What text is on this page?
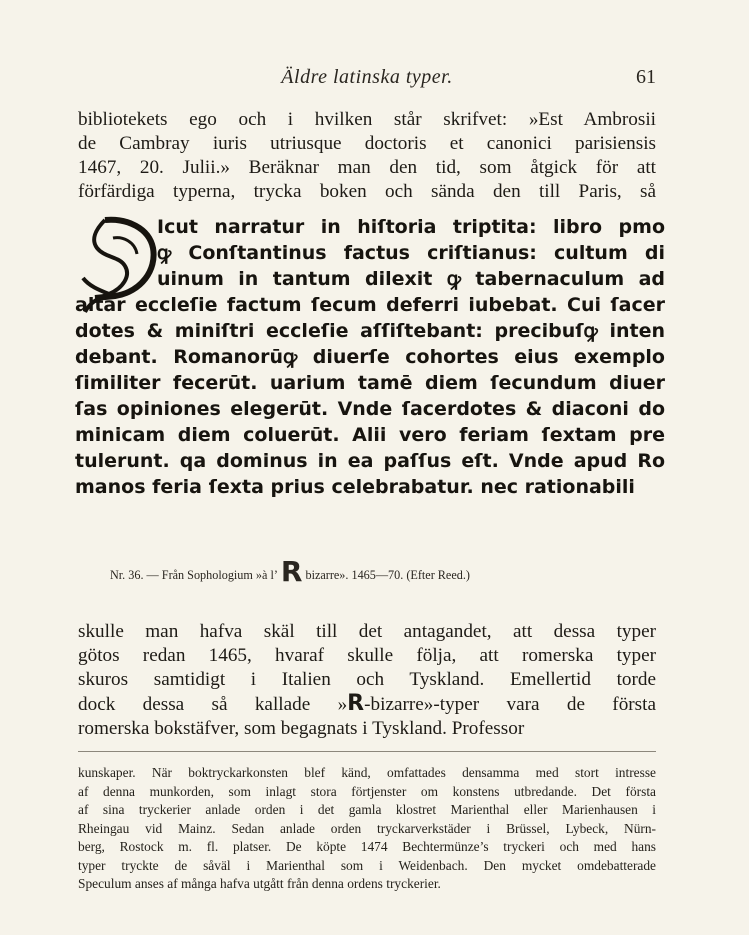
Äldre latinska typer.	61
bibliotekets ego och i hvilken står skrifvet: »Est Ambrosii
de Cambray iuris utriusque doctoris et canonici parisiensis
1467, 20. Julii.» Beräknar man den tid, som åtgick för att
förfärdiga typerna, trycka boken och sända den till Paris, så
Icut narratur in hiſtoria triptita: libro pmo
ꝙ Conſtantinus factus criſtianus: cultum di
uinum in tantum dilexit ꝙ tabernaculum ad
altar eccleſie factum ſecum deferri iubebat. Cui ſacer
dotes & miniſtri eccleſie aſſiſtebant: precibuſꝙ inten
debant. Romanorūꝙ diuerſe cohortes eius exemplo
ſimiliter fecerūt. uarium tamē diem ſecundum diuer
ſas opiniones elegerūt. Vnde ſacerdotes & diaconi do
minicam diem coluerūt. Alii vero feriam ſextam pre
tulerunt. qa dominus in ea paſſus eſt. Vnde apud Ro
manos feria ſexta prius celebrabatur. nec rationabili
Nr. 36. — Från Sophologium »à l’ R bizarre». 1465—70. (Efter Reed.)
skulle man hafva skäl till det antagandet, att dessa typer
götos redan 1465, hvaraf skulle följa, att romerska typer
skuros samtidigt i Italien och Tyskland. Emellertid torde
dock dessa så kallade »R-bizarre»-typer vara de första
romerska bokstäfver, som begagnats i Tyskland. Professor
kunskaper. När boktryckarkonsten blef känd, omfattades densamma med stort intresse
af denna munkorden, som inlagt stora förtjenster om konstens utbredande. Det första
af sina tryckerier anlade orden i det gamla klostret Marienthal eller Marienhausen i
Rheingau vid Mainz. Sedan anlade orden tryckarverkstäder i Brüssel, Lybeck, Nürn-
berg, Rostock m. fl. platser. De köpte 1474 Bechtermünze’s tryckeri och med hans
typer tryckte de såväl i Marienthal som i Weidenbach. Den mycket omdebatterade
Speculum anses af många hafva utgått från denna ordens tryckerier.
